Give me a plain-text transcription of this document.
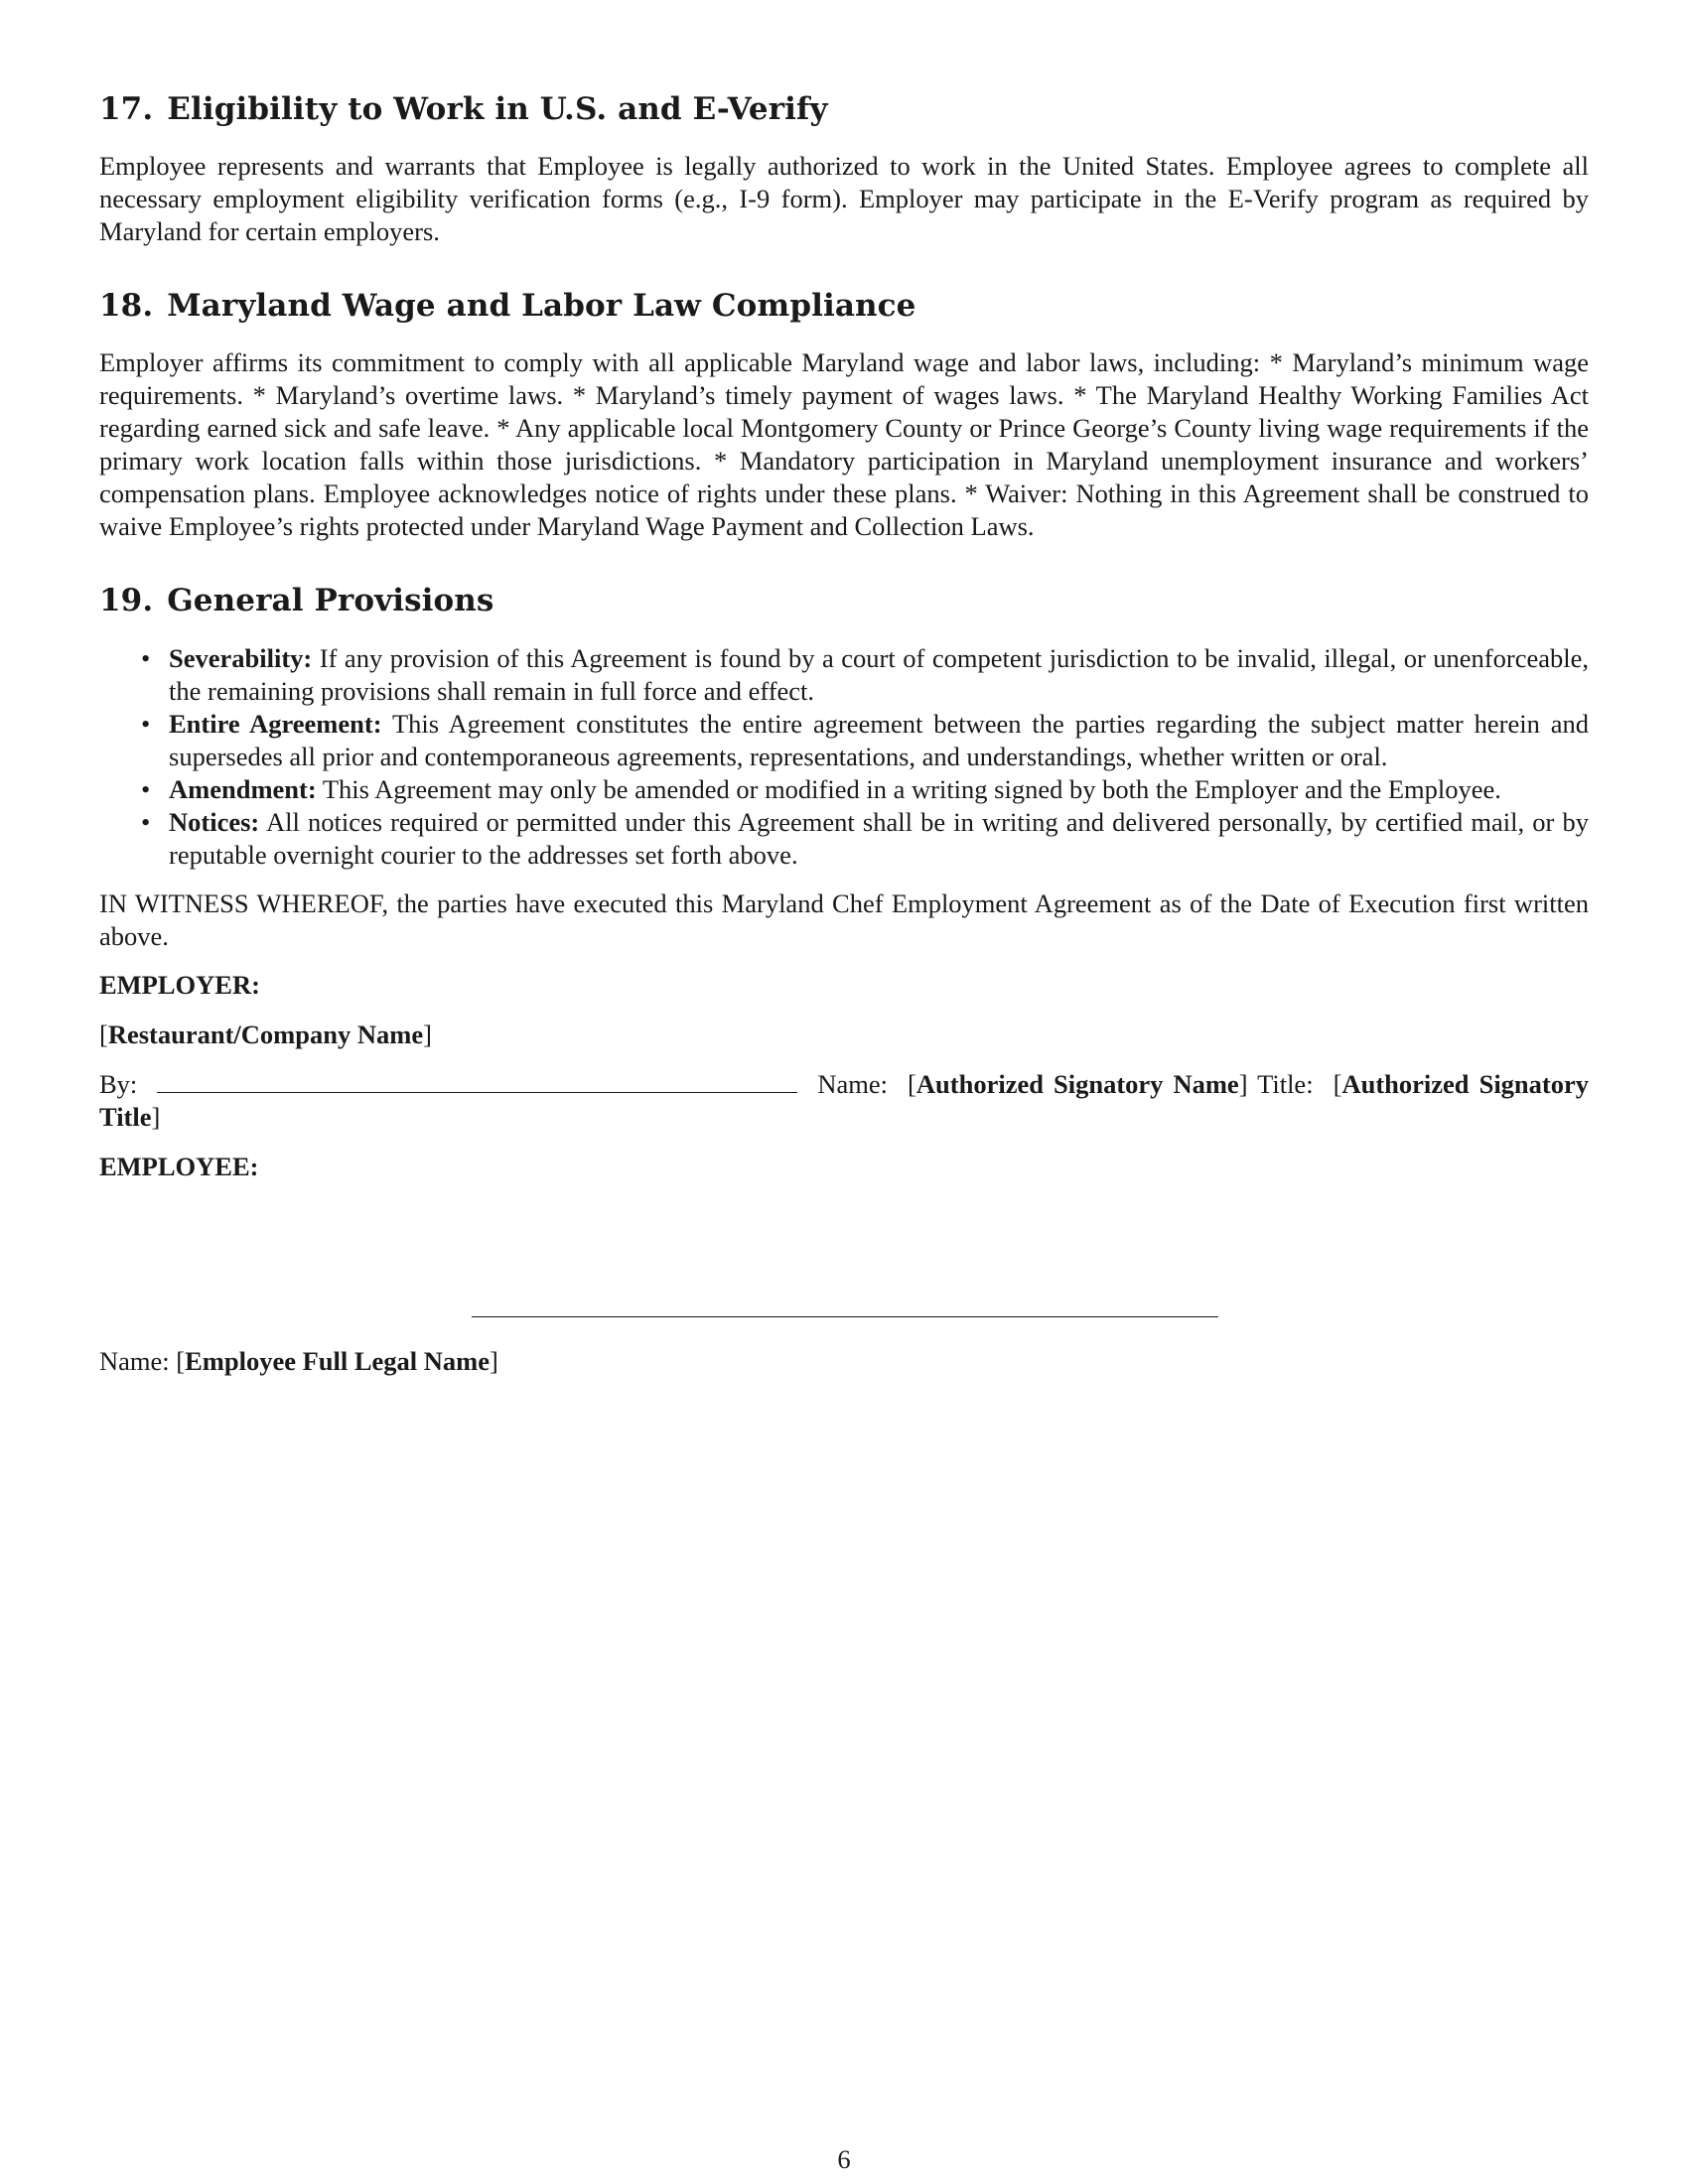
17. Eligibility to Work in U.S. and E-Verify

Employee represents and warrants that Employee is legally authorized to work in the United States. Employee agrees to complete all necessary employment eligibility verification forms (e.g., I-9 form). Employer may participate in the E-Verify program as required by Maryland for certain employers.

18. Maryland Wage and Labor Law Compliance

Employer affirms its commitment to comply with all applicable Maryland wage and labor laws, including: * Maryland’s minimum wage requirements. * Maryland’s overtime laws. * Maryland’s timely payment of wages laws. * The Maryland Healthy Working Families Act regarding earned sick and safe leave. * Any applicable local Montgomery County or Prince George’s County living wage requirements if the primary work location falls within those jurisdictions. * Mandatory participation in Maryland unemployment insurance and workers’ compensation plans. Employee acknowledges notice of rights under these plans. * Waiver: Nothing in this Agreement shall be construed to waive Employee’s rights protected under Maryland Wage Payment and Collection Laws.

19. General Provisions
• Severability: If any provision of this Agreement is found by a court of competent jurisdiction to be invalid, illegal, or unenforceable, the remaining provisions shall remain in full force and effect.
• Entire Agreement: This Agreement constitutes the entire agreement between the parties regarding the subject matter herein and supersedes all prior and contemporaneous agreements, representations, and understandings, whether written or oral.
• Amendment: This Agreement may only be amended or modified in a writing signed by both the Employer and the Employee.
• Notices: All notices required or permitted under this Agreement shall be in writing and delivered personally, by certified mail, or by reputable overnight courier to the addresses set forth above.

IN WITNESS WHEREOF, the parties have executed this Maryland Chef Employment Agreement as of the Date of Execution first written above.

EMPLOYER:
[Restaurant/Company Name]
By:	Name:  [Authorized Signatory Name] Title:  [Authorized Signatory Title]
EMPLOYEE:
Name: [Employee Full Legal Name]
6
